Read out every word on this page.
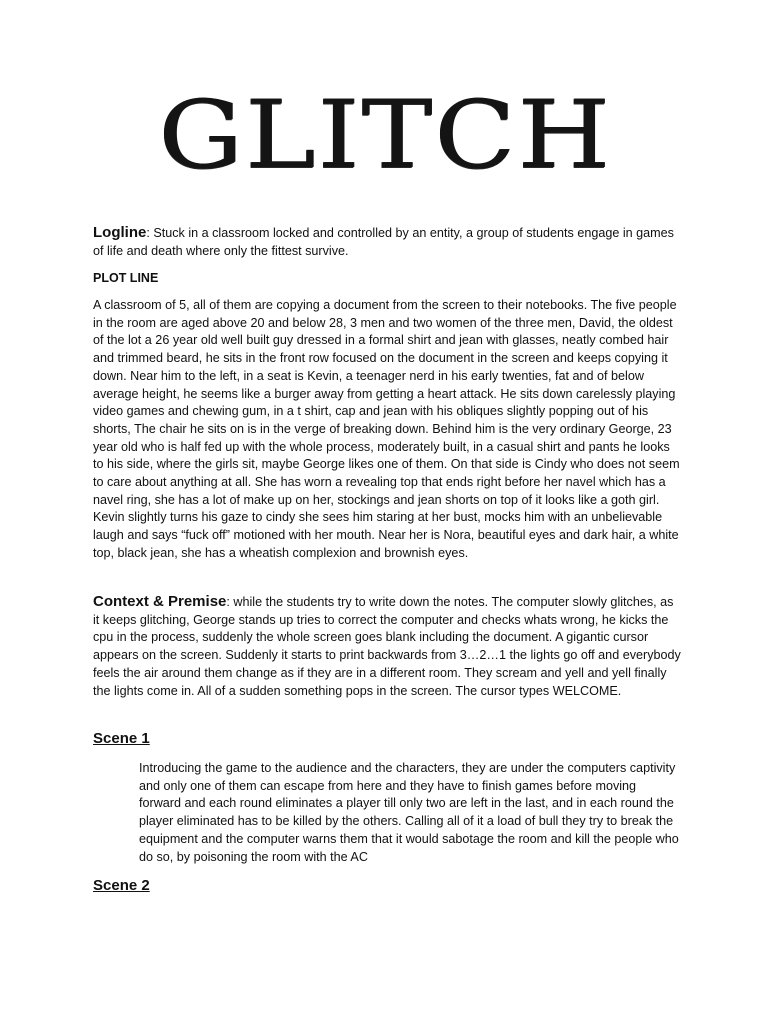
GLITCH
Logline: Stuck in a classroom locked and controlled by an entity, a group of students engage in games of life and death where only the fittest survive.
PLOT LINE
A classroom of 5, all of them are copying a document from the screen to their notebooks. The five people in the room are aged above 20 and below 28, 3 men and two women of the three men, David, the oldest of the lot a 26 year old well built guy dressed in a formal shirt and jean with glasses, neatly combed hair and trimmed beard, he sits in the front row focused on the document in the screen and keeps copying it down. Near him to the left, in a seat is Kevin, a teenager nerd in his early twenties, fat and of below average height, he seems like a burger away from getting a heart attack. He sits down carelessly playing video games and chewing gum, in a t shirt, cap and jean with his obliques slightly popping out of his shorts, The chair he sits on is in the verge of breaking down. Behind him is the very ordinary George, 23 year old who is half fed up with the whole process, moderately built, in a casual shirt and pants he looks to his side, where the girls sit, maybe George likes one of them. On that side is Cindy who does not seem to care about anything at all. She has worn a revealing top that ends right before her navel which has a navel ring, she has a lot of make up on her, stockings and jean shorts on top of it looks like a goth girl. Kevin slightly turns his gaze to cindy she sees him staring at her bust, mocks him with an unbelievable laugh and says “fuck off” motioned with her mouth. Near her is Nora, beautiful eyes and dark hair, a white top, black jean, she has a wheatish complexion and brownish eyes.
Context & Premise: while the students try to write down the notes. The computer slowly glitches, as it keeps glitching, George stands up tries to correct the computer and checks whats wrong, he kicks the cpu in the process, suddenly the whole screen goes blank including the document. A gigantic cursor appears on the screen. Suddenly it starts to print backwards from 3…2…1 the lights go off and everybody feels the air around them change as if they are in a different room. They scream and yell and yell finally the lights come in. All of a sudden something pops in the screen. The cursor types WELCOME.
Scene 1
Introducing the game to the audience and the characters, they are under the computers captivity and only one of them can escape from here and they have to finish games before moving forward and each round eliminates a player till only two are left in the last, and in each round the player eliminated has to be killed by the others. Calling all of it a load of bull they try to break the equipment and the computer warns them that it would sabotage the room and kill the people who do so, by poisoning the room with the AC
Scene 2
